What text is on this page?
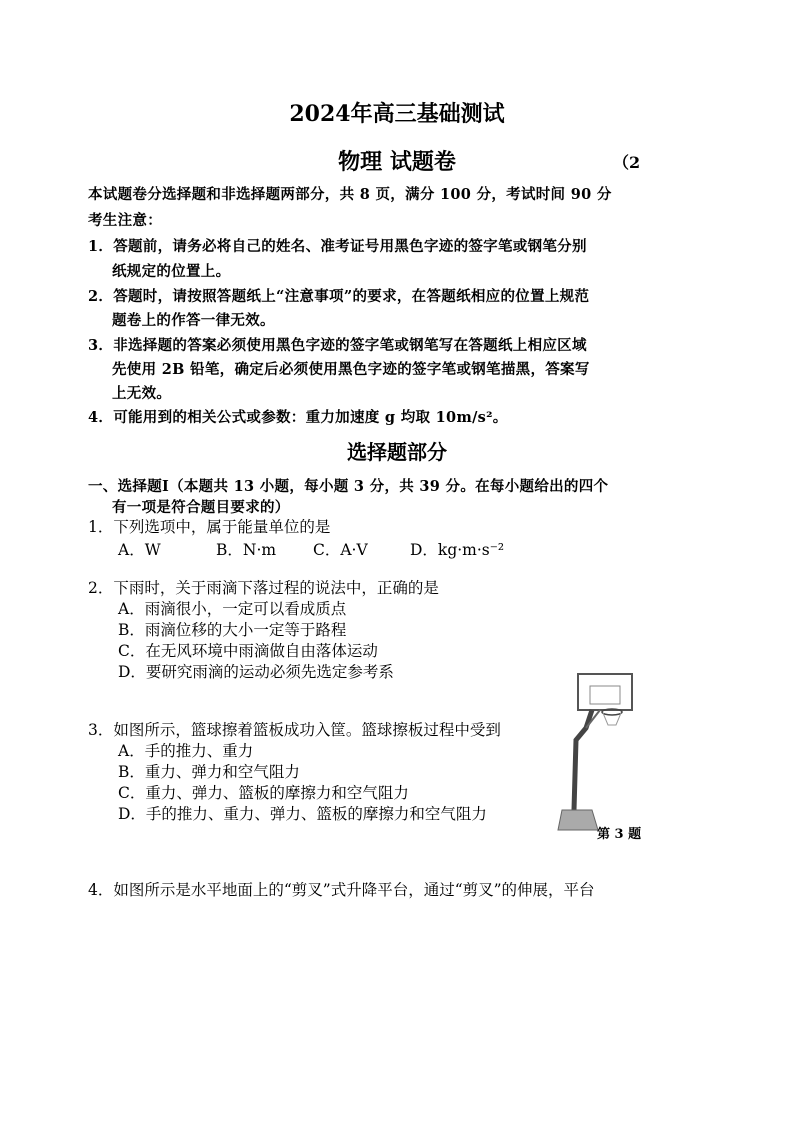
2024年高三基础测试
物理 试题卷	（2
本试题卷分选择题和非选择题两部分，共 8 页，满分 100 分，考试时间 90 分
考生注意：
1．答题前，请务必将自己的姓名、准考证号用黑色字迹的签字笔或钢笔分别
纸规定的位置上。
2．答题时，请按照答题纸上“注意事项”的要求，在答题纸相应的位置上规范
题卷上的作答一律无效。
3．非选择题的答案必须使用黑色字迹的签字笔或钢笔写在答题纸上相应区域
先使用 2B 铅笔，确定后必须使用黑色字迹的签字笔或钢笔描黑，答案写
上无效。
4．可能用到的相关公式或参数：重力加速度 g 均取 10m/s²。
选择题部分
一、选择题Ⅰ（本题共 13 小题，每小题 3 分，共 39 分。在每小题给出的四个
有一项是符合题目要求的）
1．下列选项中，属于能量单位的是
A．W	B．N·m C．A·V	D．kg·m·s⁻²
2．下雨时，关于雨滴下落过程的说法中，正确的是
A．雨滴很小，一定可以看成质点
B．雨滴位移的大小一定等于路程
C．在无风环境中雨滴做自由落体运动
D．要研究雨滴的运动必须先选定参考系
3．如图所示，篮球擦着篮板成功入筐。篮球擦板过程中受到
A．手的推力、重力
B．重力、弹力和空气阻力
C．重力、弹力、篮板的摩擦力和空气阻力
D．手的推力、重力、弹力、篮板的摩擦力和空气阻力
第 3 题
4．如图所示是水平地面上的“剪叉”式升降平台，通过“剪叉”的伸展，平台
